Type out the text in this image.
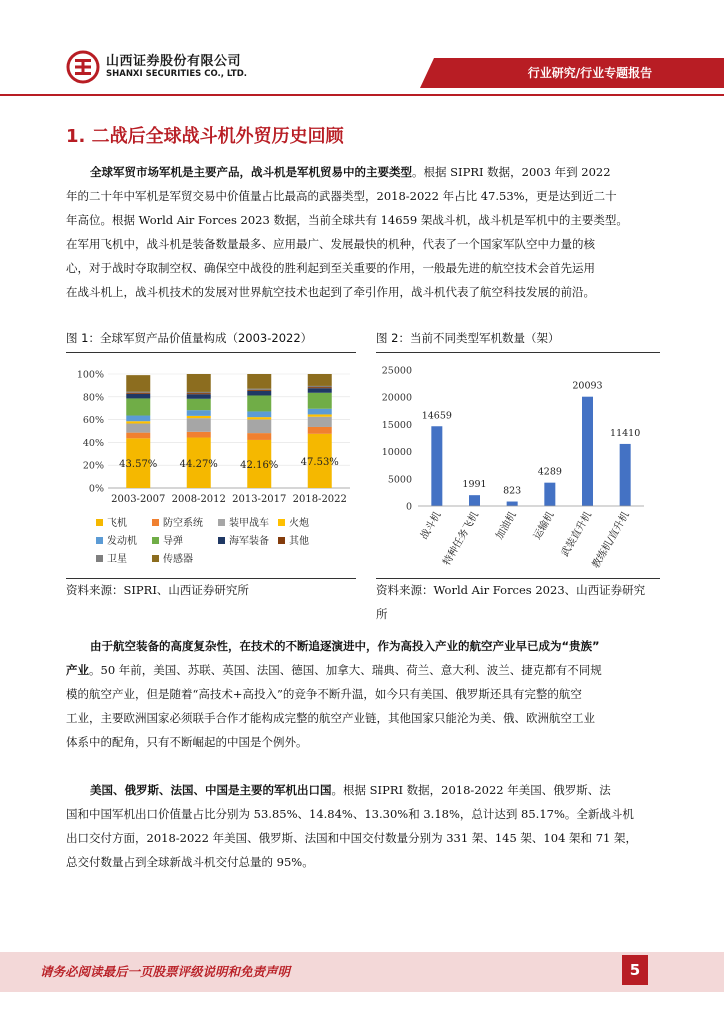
山西证券股份有限公司
SHANXI SECURITIES CO., LTD.	行业研究/行业专题报告
1. 二战后全球战斗机外贸历史回顾
全球军贸市场军机是主要产品，战斗机是军机贸易中的主要类型。根据 SIPRI 数据，2003 年到 2022
年的二十年中军机是军贸交易中价值量占比最高的武器类型，2018-2022 年占比 47.53%，更是达到近二十
年高位。根据 World Air Forces 2023 数据，当前全球共有 14659 架战斗机，战斗机是军机中的主要类型。
在军用飞机中，战斗机是装备数量最多、应用最广、发展最快的机种，代表了一个国家军队空中力量的核
心，对于战时夺取制空权、确保空中战役的胜利起到至关重要的作用，一般最先进的航空技术会首先运用
在战斗机上，战斗机技术的发展对世界航空技术也起到了牵引作用，战斗机代表了航空科技发展的前沿。
图 1：全球军贸产品价值量构成（2003-2022）	图 2：当前不同类型军机数量（架）
0%
20%
40%
60%
80%
100%
2003-2007 2008-2012 2013-2017 2018-2022
43.57% 44.27% 42.16% 47.53%
飞机	防空系统	装甲战车 火炮
发动机	导弹	海军装备 其他
卫星	传感器
0
5000
10000
15000
20000
25000
14659
1991
823
4289
20093
11410
战斗机
特种任务飞机 加油机 运输机 武装直升机
教练机/直升机
资料来源：SIPRI、山西证券研究所	资料来源：World Air Forces 2023、山西证券研究
所
由于航空装备的高度复杂性，在技术的不断追逐演进中，作为高投入产业的航空产业早已成为“贵族”
产业。50 年前，美国、苏联、英国、法国、德国、加拿大、瑞典、荷兰、意大利、波兰、捷克都有不同规
模的航空产业，但是随着“高技术+高投入”的竞争不断升温，如今只有美国、俄罗斯还具有完整的航空
工业，主要欧洲国家必须联手合作才能构成完整的航空产业链，其他国家只能沦为美、俄、欧洲航空工业
体系中的配角，只有不断崛起的中国是个例外。
美国、俄罗斯、法国、中国是主要的军机出口国。根据 SIPRI 数据，2018-2022 年美国、俄罗斯、法
国和中国军机出口价值量占比分别为 53.85%、14.84%、13.30%和 3.18%，总计达到 85.17%。全新战斗机
出口交付方面，2018-2022 年美国、俄罗斯、法国和中国交付数量分别为 331 架、145 架、104 架和 71 架，
总交付数量占到全球新战斗机交付总量的 95%。
请务必阅读最后一页股票评级说明和免责声明	5
